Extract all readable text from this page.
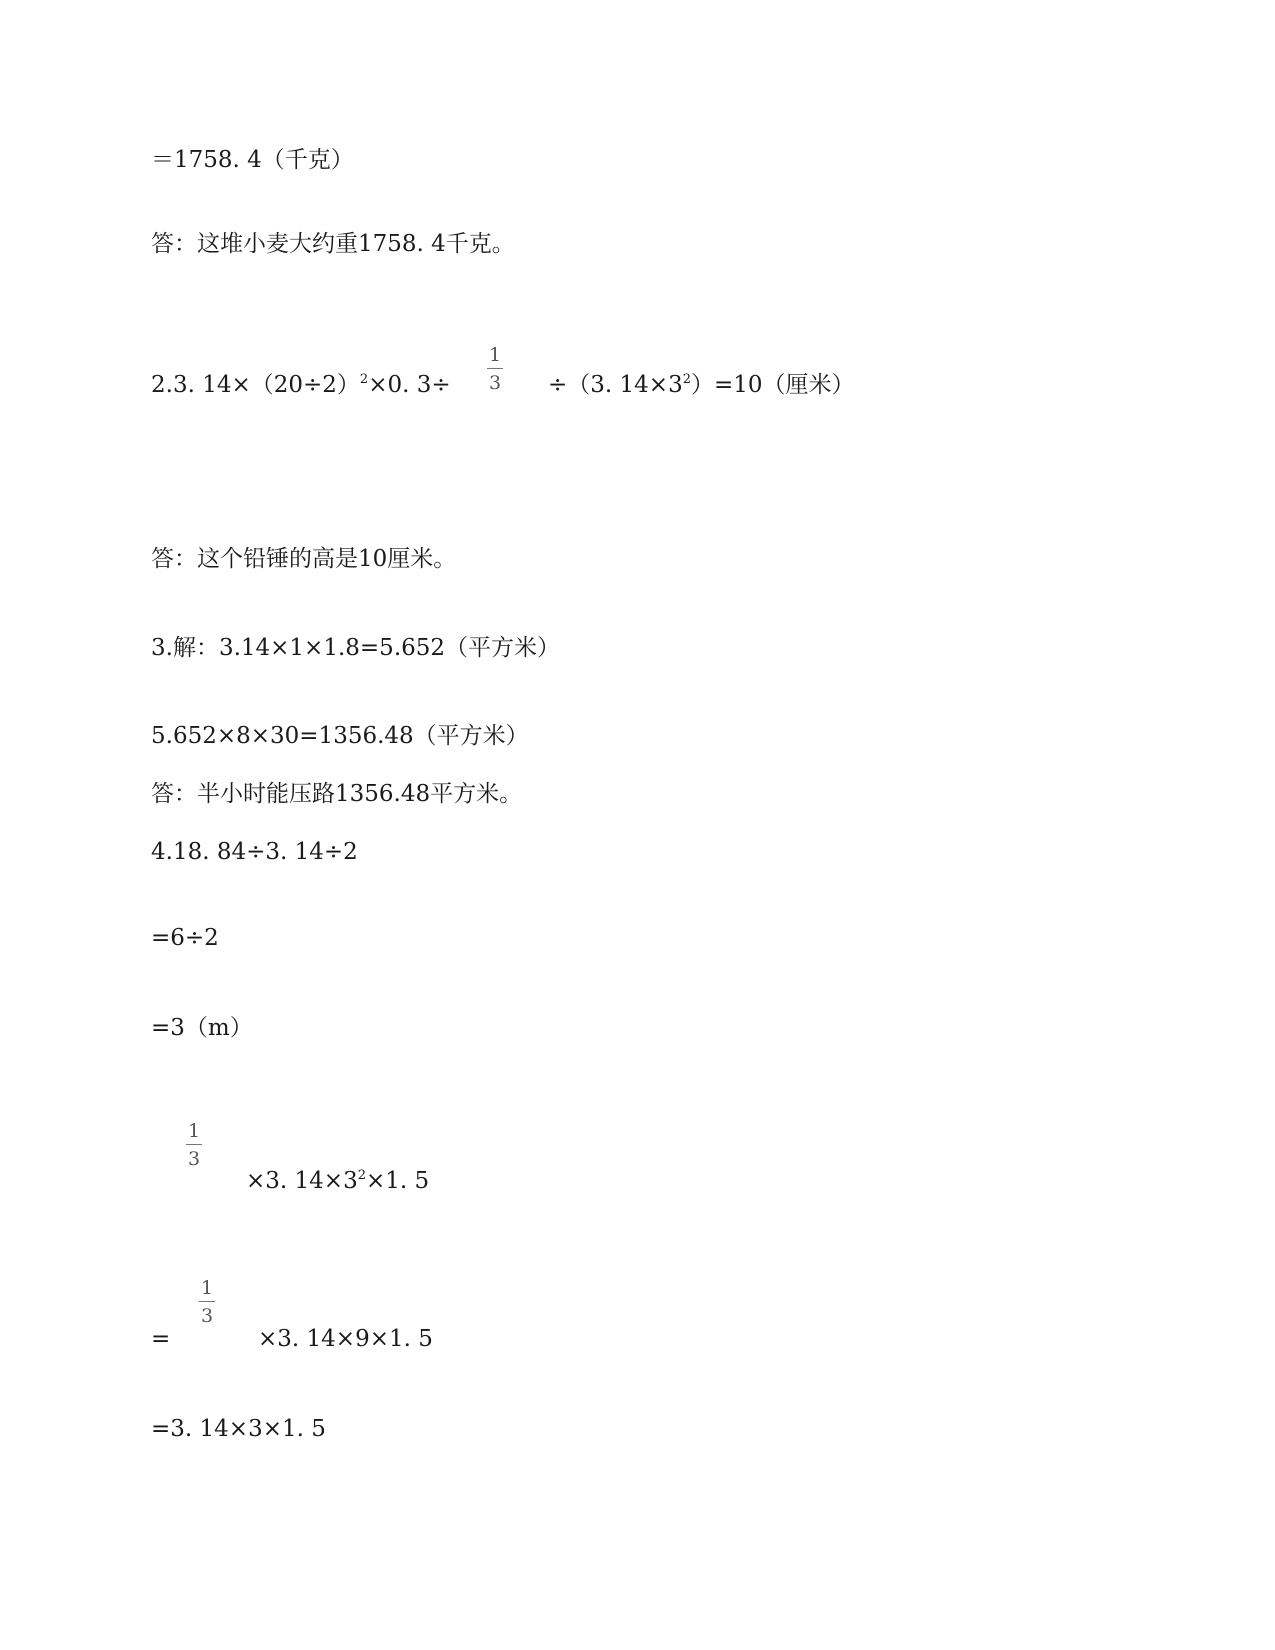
＝1758. 4（千克）
答：这堆小麦大约重1758. 4千克。
2.3. $14\times(20\div 2)^2\times 0$. 3÷
1
3 ÷（3. $14\times 3^2)=10$（厘米）
答：这个铅锤的高是10厘米。
3.解：3.14×1×1.8=5.652（平方米）
5.652×8×30=1356.48（平方米）
答：半小时能压路1356.48平方米。
4.18. 84÷3. 14÷2
=6÷2
=3（m）
1
3
×3. $14\times 3^2\times 1$. 5
=
1
3
×3. 14×9×1. 5
=3. 14×3×1. 5
